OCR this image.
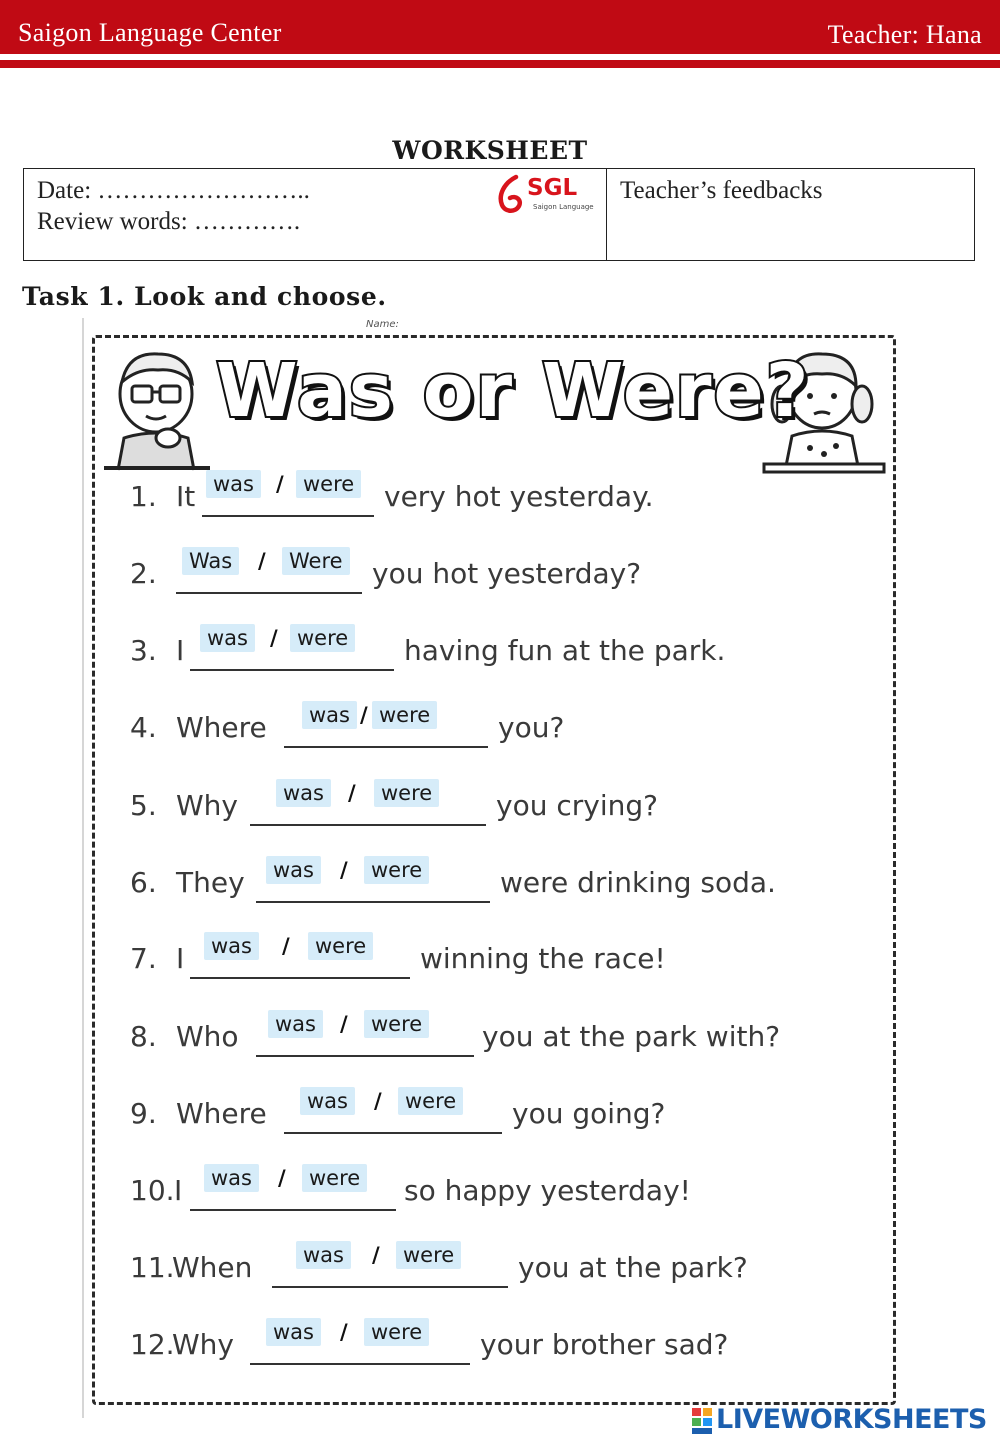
Saigon Language Center	Teacher: Hana
WORKSHEET
Date: ……………………..
Review words: ………….
SGL
Saigon Language
Teacher’s feedbacks
Task 1. Look and choose.
Name:
Was or Were?
1. It was	/ were very hot yesterday.
2.	Was	/	Were you hot yesterday?
3. I	was	/ were having fun at the park.
4. Where	was / were you?
5. Why	was	/	were you crying?
6. They	was	/	were	were drinking soda.
7. I	was	/	were winning the race!
8. Who	was	/	were you at the park with?
9. Where	was	/	were you going?
10. I	was	/	were so happy yesterday!
11.
When	was	/	were you at the park?
12.
Why	was	/	were your brother sad?
LIVEWORKSHEETS
